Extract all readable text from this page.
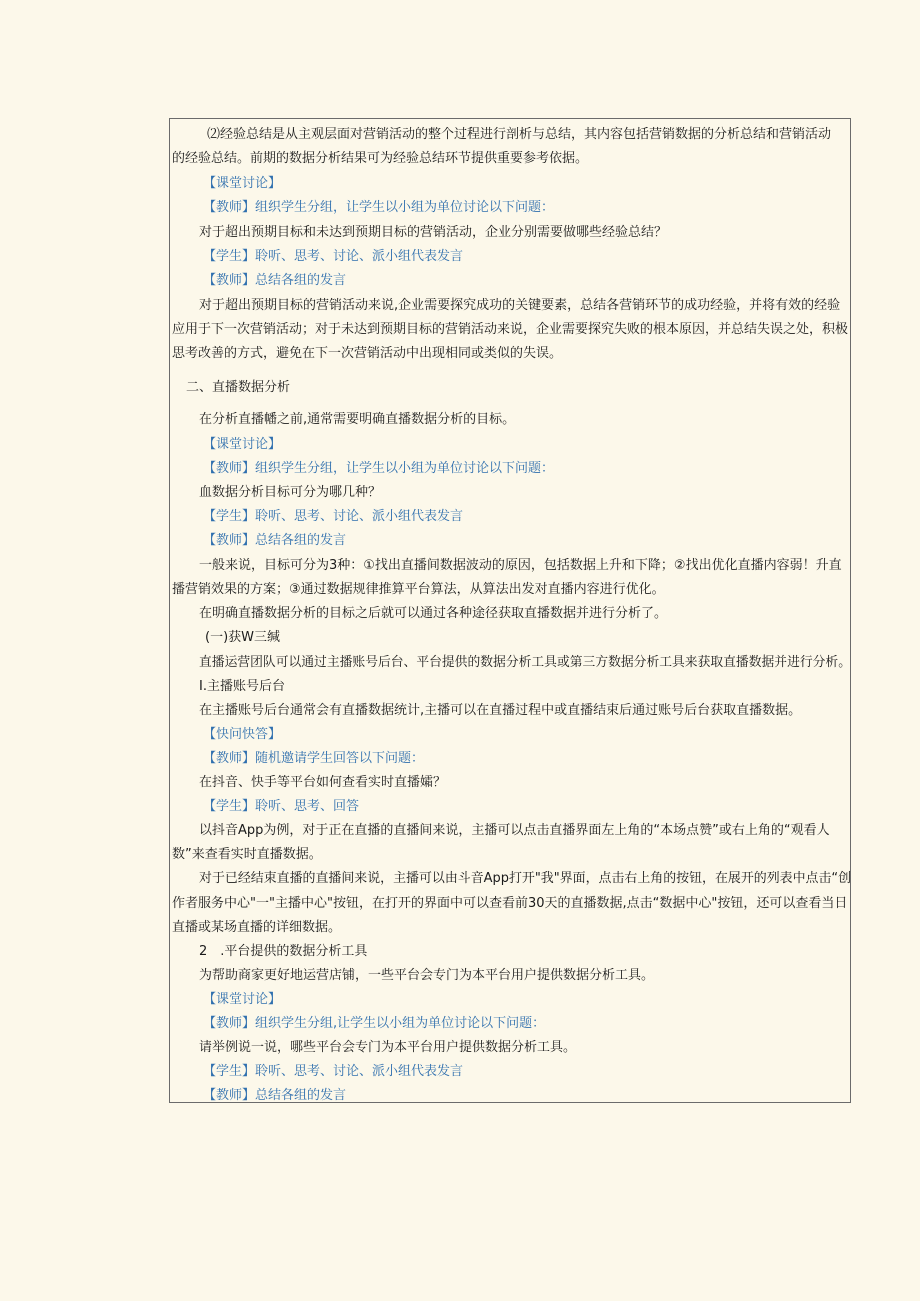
⑵经验总结是从主观层面对营销活动的整个过程进行剖析与总结，其内容包括营销数据的分析总结和营销活动
的经验总结。前期的数据分析结果可为经验总结环节提供重要参考依据。
【课堂讨论】
【教师】组织学生分组，让学生以小组为单位讨论以下问题：
对于超出预期目标和未达到预期目标的营销活动，企业分别需要做哪些经验总结？
【学生】聆听、思考、讨论、派小组代表发言
【教师】总结各组的发言
对于超出预期目标的营销活动来说,企业需要探究成功的关键要素，总结各营销环节的成功经验，并将有效的经验
应用于下一次营销活动；对于未达到预期目标的营销活动来说，企业需要探究失败的根本原因，并总结失误之处，积极
思考改善的方式，避免在下一次营销活动中出现相同或类似的失误。
二、直播数据分析
在分析直播幡之前,通常需要明确直播数据分析的目标。
【课堂讨论】
【教师】组织学生分组，让学生以小组为单位讨论以下问题：
血数据分析目标可分为哪几种？
【学生】聆听、思考、讨论、派小组代表发言
【教师】总结各组的发言
一般来说，目标可分为3种：①找出直播间数据波动的原因，包括数据上升和下降；②找出优化直播内容弱！升直
播营销效果的方案；③通过数据规律推算平台算法，从算法出发对直播内容进行优化。
在明确直播数据分析的目标之后就可以通过各种途径获取直播数据并进行分析了。
(一)获W三缄
直播运营团队可以通过主播账号后台、平台提供的数据分析工具或第三方数据分析工具来获取直播数据并进行分析。
I.主播账号后台
在主播账号后台通常会有直播数据统计,主播可以在直播过程中或直播结束后通过账号后台获取直播数据。
【快问快答】
【教师】随机邀请学生回答以下问题：
在抖音、快手等平台如何查看实时直播孀？
【学生】聆听、思考、回答
以抖音App为例，对于正在直播的直播间来说，主播可以点击直播界面左上角的“本场点赞”或右上角的“观看人
数”来查看实时直播数据。
对于已经结束直播的直播间来说，主播可以由斗音App打开"我"界面，点击右上角的按钮，在展开的列表中点击“创
作者服务中心"一"主播中心"按钮，在打开的界面中可以查看前30天的直播数据,点击“数据中心"按钮，还可以查看当日
直播或某场直播的详细数据。
2　.平台提供的数据分析工具
为帮助商家更好地运营店铺，一些平台会专门为本平台用户提供数据分析工具。
【课堂讨论】
【教师】组织学生分组,让学生以小组为单位讨论以下问题：
请举例说一说，哪些平台会专门为本平台用户提供数据分析工具。
【学生】聆听、思考、讨论、派小组代表发言
【教师】总结各组的发言
